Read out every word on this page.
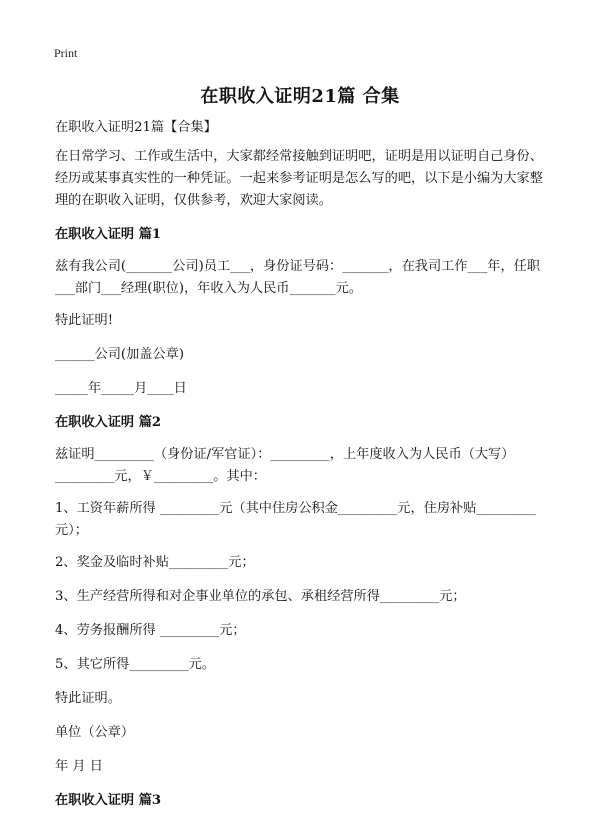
Print
在职收入证明21篇 合集

在职收入证明21篇【合集】

在日常学习、工作或生活中，大家都经常接触到证明吧，证明是用以证明自己身份、经历或某事真实性的一种凭证。一起来参考证明是怎么写的吧，以下是小编为大家整理的在职收入证明，仅供参考，欢迎大家阅读。

在职收入证明 篇1

兹有我公司(_______公司)员工___，身份证号码：_______，在我司工作___年，任职___部门___经理(职位)，年收入为人民币_______元。

特此证明!

______公司(加盖公章)

_____年_____月____日

在职收入证明 篇2

兹证明_________（身份证/军官证）：_________，上年度收入为人民币（大写）_________元，￥_________。其中：

1、工资年薪所得 _________元（其中住房公积金_________元，住房补贴_________元）；

2、奖金及临时补贴_________元；

3、生产经营所得和对企事业单位的承包、承租经营所得_________元；

4、劳务报酬所得 _________元；

5、其它所得_________元。

特此证明。

单位（公章）

年 月 日

在职收入证明 篇3
